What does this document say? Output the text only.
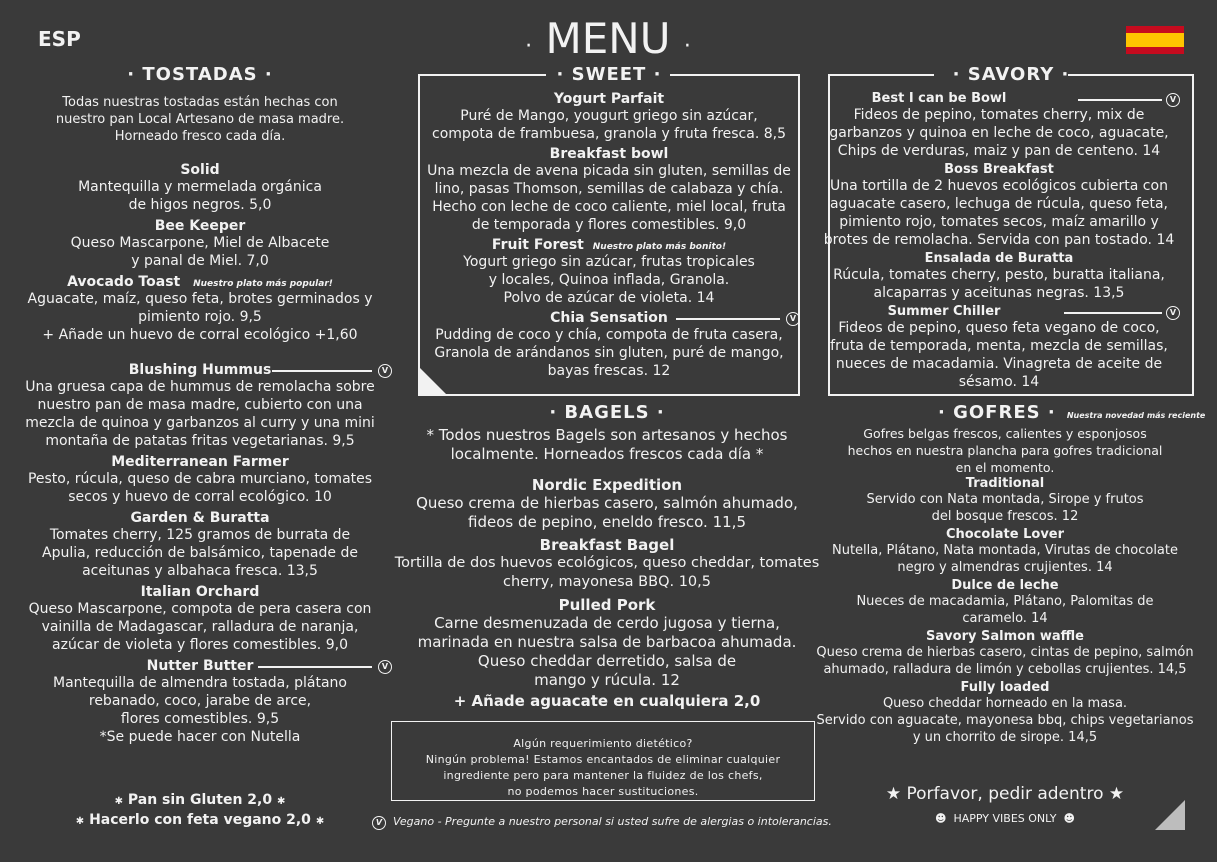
ESP	· MENU ·
· TOSTADAS ·
Todas nuestras tostadas están hechas con
nuestro pan Local Artesano de masa madre.
Horneado fresco cada día.
Solid
Mantequilla y mermelada orgánica
de higos negros. 5,0
Bee Keeper
Queso Mascarpone, Miel de Albacete
y panal de Miel. 7,0
Avocado Toast Nuestro plato más popular!
Aguacate, maíz, queso feta, brotes germinados y
pimiento rojo. 9,5
+ Añade un huevo de corral ecológico +1,60
Blushing Hummus	V
Una gruesa capa de hummus de remolacha sobre
nuestro pan de masa madre, cubierto con una
mezcla de quinoa y garbanzos al curry y una mini
montaña de patatas fritas vegetarianas. 9,5
Mediterranean Farmer
Pesto, rúcula, queso de cabra murciano, tomates
secos y huevo de corral ecológico. 10
Garden & Buratta
Tomates cherry, 125 gramos de burrata de
Apulia, reducción de balsámico, tapenade de
aceitunas y albahaca fresca. 13,5
Italian Orchard
Queso Mascarpone, compota de pera casera con
vainilla de Madagascar, ralladura de naranja,
azúcar de violeta y flores comestibles. 9,0
Nutter Butter	V
Mantequilla de almendra tostada, plátano
rebanado, coco, jarabe de arce,
flores comestibles. 9,5
*Se puede hacer con Nutella
✱ Pan sin Gluten 2,0 ✱
✱ Hacerlo con feta vegano 2,0 ✱
· SWEET ·
Yogurt Parfait
Puré de Mango, yougurt griego sin azúcar,
compota de frambuesa, granola y fruta fresca. 8,5
Breakfast bowl
Una mezcla de avena picada sin gluten, semillas de
lino, pasas Thomson, semillas de calabaza y chía.
Hecho con leche de coco caliente, miel local, fruta
de temporada y flores comestibles. 9,0
Fruit Forest Nuestro plato más bonito!
Yogurt griego sin azúcar, frutas tropicales
y locales, Quinoa inflada, Granola.
Polvo de azúcar de violeta. 14
Chia Sensation	V
Pudding de coco y chía, compota de fruta casera,
Granola de arándanos sin gluten, puré de mango,
bayas frescas. 12
· BAGELS ·
* Todos nuestros Bagels son artesanos y hechos
localmente. Horneados frescos cada día *
Nordic Expedition
Queso crema de hierbas casero, salmón ahumado,
fideos de pepino, eneldo fresco. 11,5
Breakfast Bagel
Tortilla de dos huevos ecológicos, queso cheddar, tomates
cherry, mayonesa BBQ. 10,5
Pulled Pork
Carne desmenuzada de cerdo jugosa y tierna,
marinada en nuestra salsa de barbacoa ahumada.
Queso cheddar derretido, salsa de
mango y rúcula. 12
+ Añade aguacate en cualquiera 2,0
Algún requerimiento dietético?
Ningún problema! Estamos encantados de eliminar cualquier
ingrediente pero para mantener la fluidez de los chefs,
no podemos hacer sustituciones.
V Vegano - Pregunte a nuestro personal si usted sufre de alergias o intolerancias.
· SAVORY ·
Best I can be Bowl	V
Fideos de pepino, tomates cherry, mix de
garbanzos y quinoa en leche de coco, aguacate,
Chips de verduras, maiz y pan de centeno. 14
Boss Breakfast
Una tortilla de 2 huevos ecológicos cubierta con
aguacate casero, lechuga de rúcula, queso feta,
pimiento rojo, tomates secos, maíz amarillo y
brotes de remolacha. Servida con pan tostado. 14
Ensalada de Buratta
Rúcula, tomates cherry, pesto, buratta italiana,
alcaparras y aceitunas negras. 13,5
Summer Chiller	V
Fideos de pepino, queso feta vegano de coco,
fruta de temporada, menta, mezcla de semillas,
nueces de macadamia. Vinagreta de aceite de
sésamo. 14
· GOFRES · Nuestra novedad más reciente
Gofres belgas frescos, calientes y esponjosos
hechos en nuestra plancha para gofres tradicional
en el momento.
Traditional
Servido con Nata montada, Sirope y frutos
del bosque frescos. 12
Chocolate Lover
Nutella, Plátano, Nata montada, Virutas de chocolate
negro y almendras crujientes. 14
Dulce de leche
Nueces de macadamia, Plátano, Palomitas de
caramelo. 14
Savory Salmon waffle
Queso crema de hierbas casero, cintas de pepino, salmón
ahumado, ralladura de limón y cebollas crujientes. 14,5
Fully loaded
Queso cheddar horneado en la masa.
Servido con aguacate, mayonesa bbq, chips vegetarianos
y un chorrito de sirope. 14,5
★ Porfavor, pedir adentro ★
☻ HAPPY VIBES ONLY ☻
